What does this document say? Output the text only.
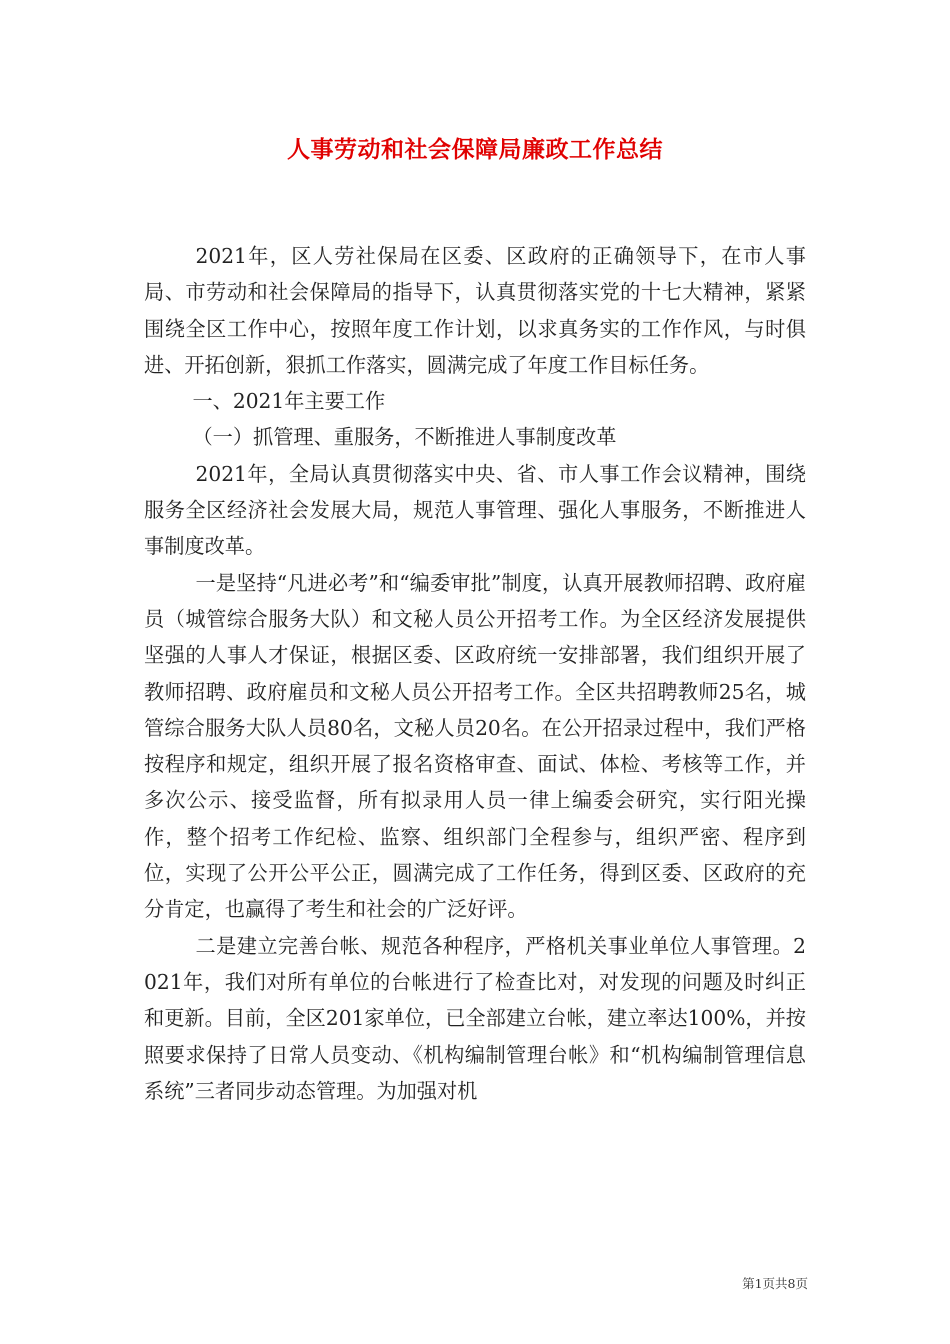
人事劳动和社会保障局廉政工作总结

2021年，区人劳社保局在区委、区政府的正确领导下，在市人事局、市劳动和社会保障局的指导下，认真贯彻落实党的十七大精神，紧紧围绕全区工作中心，按照年度工作计划，以求真务实的工作作风，与时俱进、开拓创新，狠抓工作落实，圆满完成了年度工作目标任务。

一、2021年主要工作

（一）抓管理、重服务，不断推进人事制度改革

2021年，全局认真贯彻落实中央、省、市人事工作会议精神，围绕服务全区经济社会发展大局，规范人事管理、强化人事服务，不断推进人事制度改革。

一是坚持“凡进必考”和“编委审批”制度，认真开展教师招聘、政府雇员（城管综合服务大队）和文秘人员公开招考工作。为全区经济发展提供坚强的人事人才保证，根据区委、区政府统一安排部署，我们组织开展了教师招聘、政府雇员和文秘人员公开招考工作。全区共招聘教师25名，城管综合服务大队人员80名，文秘人员20名。在公开招录过程中，我们严格按程序和规定，组织开展了报名资格审查、面试、体检、考核等工作，并多次公示、接受监督，所有拟录用人员一律上编委会研究，实行阳光操作，整个招考工作纪检、监察、组织部门全程参与，组织严密、程序到位，实现了公开公平公正，圆满完成了工作任务，得到区委、区政府的充分肯定，也赢得了考生和社会的广泛好评。

二是建立完善台帐、规范各种程序，严格机关事业单位人事管理。2021年，我们对所有单位的台帐进行了检查比对，对发现的问题及时纠正和更新。目前，全区201家单位，已全部建立台帐，建立率达100%，并按照要求保持了日常人员变动、《机构编制管理台帐》和“机构编制管理信息系统”三者同步动态管理。为加强对机

第1页共8页
